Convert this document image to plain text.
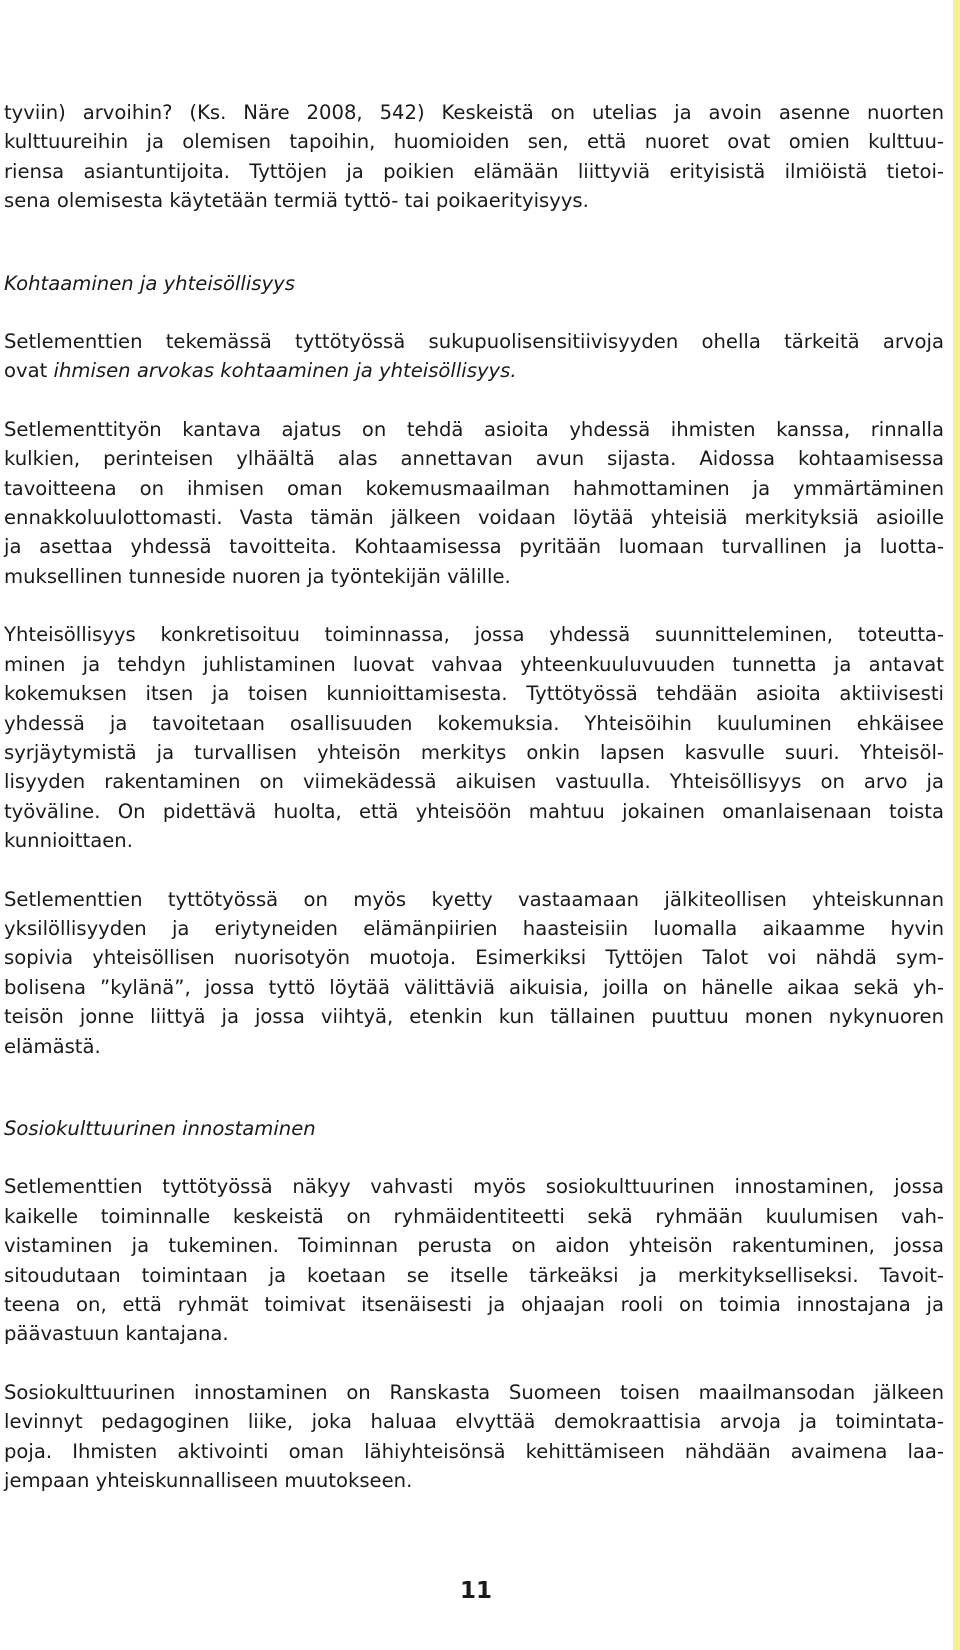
tyviin) arvoihin? (Ks. Näre 2008, 542) Keskeistä on utelias ja avoin asenne nuorten
kulttuureihin ja olemisen tapoihin, huomioiden sen, että nuoret ovat omien kulttuu-
riensa asiantuntijoita. Tyttöjen ja poikien elämään liittyviä erityisistä ilmiöistä tietoi-
sena olemisesta käytetään termiä tyttö- tai poikaerityisyys.
Kohtaaminen ja yhteisöllisyys
Setlementtien tekemässä tyttötyössä sukupuolisensitiivisyyden ohella tärkeitä arvoja
ovat ihmisen arvokas kohtaaminen ja yhteisöllisyys.
Setlementtityön kantava ajatus on tehdä asioita yhdessä ihmisten kanssa, rinnalla
kulkien, perinteisen ylhäältä alas annettavan avun sijasta. Aidossa kohtaamisessa
tavoitteena on ihmisen oman kokemusmaailman hahmottaminen ja ymmärtäminen
ennakkoluulottomasti. Vasta tämän jälkeen voidaan löytää yhteisiä merkityksiä asioille
ja asettaa yhdessä tavoitteita. Kohtaamisessa pyritään luomaan turvallinen ja luotta-
muksellinen tunneside nuoren ja työntekijän välille.
Yhteisöllisyys konkretisoituu toiminnassa, jossa yhdessä suunnitteleminen, toteutta-
minen ja tehdyn juhlistaminen luovat vahvaa yhteenkuuluvuuden tunnetta ja antavat
kokemuksen itsen ja toisen kunnioittamisesta. Tyttötyössä tehdään asioita aktiivisesti
yhdessä ja tavoitetaan osallisuuden kokemuksia. Yhteisöihin kuuluminen ehkäisee
syrjäytymistä ja turvallisen yhteisön merkitys onkin lapsen kasvulle suuri. Yhteisöl-
lisyyden rakentaminen on viimekädessä aikuisen vastuulla. Yhteisöllisyys on arvo ja
työväline. On pidettävä huolta, että yhteisöön mahtuu jokainen omanlaisenaan toista
kunnioittaen.
Setlementtien tyttötyössä on myös kyetty vastaamaan jälkiteollisen yhteiskunnan
yksilöllisyyden ja eriytyneiden elämänpiirien haasteisiin luomalla aikaamme hyvin
sopivia yhteisöllisen nuorisotyön muotoja. Esimerkiksi Tyttöjen Talot voi nähdä sym-
bolisena ”kylänä”, jossa tyttö löytää välittäviä aikuisia, joilla on hänelle aikaa sekä yh-
teisön jonne liittyä ja jossa viihtyä, etenkin kun tällainen puuttuu monen nykynuoren
elämästä.
Sosiokulttuurinen innostaminen
Setlementtien tyttötyössä näkyy vahvasti myös sosiokulttuurinen innostaminen, jossa
kaikelle toiminnalle keskeistä on ryhmäidentiteetti sekä ryhmään kuulumisen vah-
vistaminen ja tukeminen. Toiminnan perusta on aidon yhteisön rakentuminen, jossa
sitoudutaan toimintaan ja koetaan se itselle tärkeäksi ja merkitykselliseksi. Tavoit-
teena on, että ryhmät toimivat itsenäisesti ja ohjaajan rooli on toimia innostajana ja
päävastuun kantajana.
Sosiokulttuurinen innostaminen on Ranskasta Suomeen toisen maailmansodan jälkeen
levinnyt pedagoginen liike, joka haluaa elvyttää demokraattisia arvoja ja toimintata-
poja. Ihmisten aktivointi oman lähiyhteisönsä kehittämiseen nähdään avaimena laa-
jempaan yhteiskunnalliseen muutokseen.
11
